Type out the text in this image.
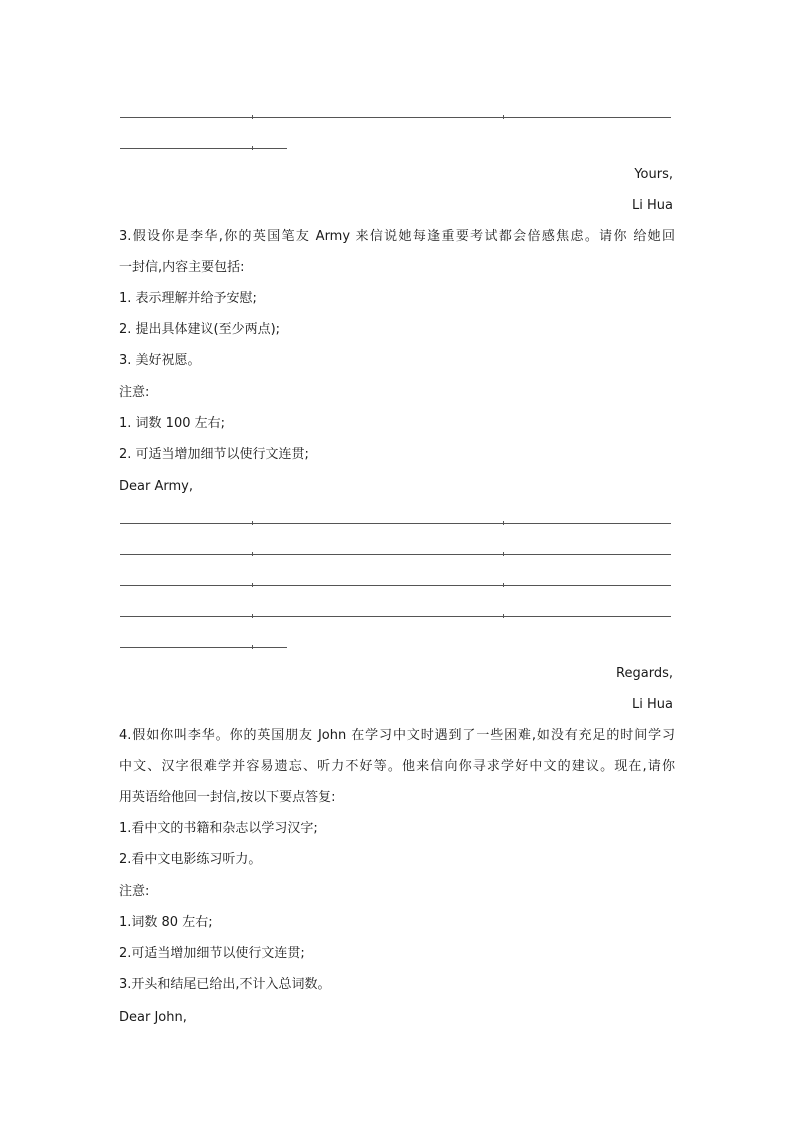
Yours,
Li Hua
3.假设你是李华,你的英国笔友 Army 来信说她每逢重要考试都会倍感焦虑。请你 给她回
一封信,内容主要包括:
1. 表示理解并给予安慰;
2. 提出具体建议(至少两点);
3. 美好祝愿。
注意:
1. 词数 100 左右;
2. 可适当增加细节以使行文连贯;
Dear Army,
Regards,
Li Hua
4.假如你叫李华。你的英国朋友 John 在学习中文时遇到了一些困难,如没有充足的时间学习
中文、汉字很难学并容易遗忘、听力不好等。他来信向你寻求学好中文的建议。现在,请你
用英语给他回一封信,按以下要点答复:
1.看中文的书籍和杂志以学习汉字;
2.看中文电影练习听力。
注意:
1.词数 80 左右;
2.可适当增加细节以使行文连贯;
3.开头和结尾已给出,不计入总词数。
Dear John,
